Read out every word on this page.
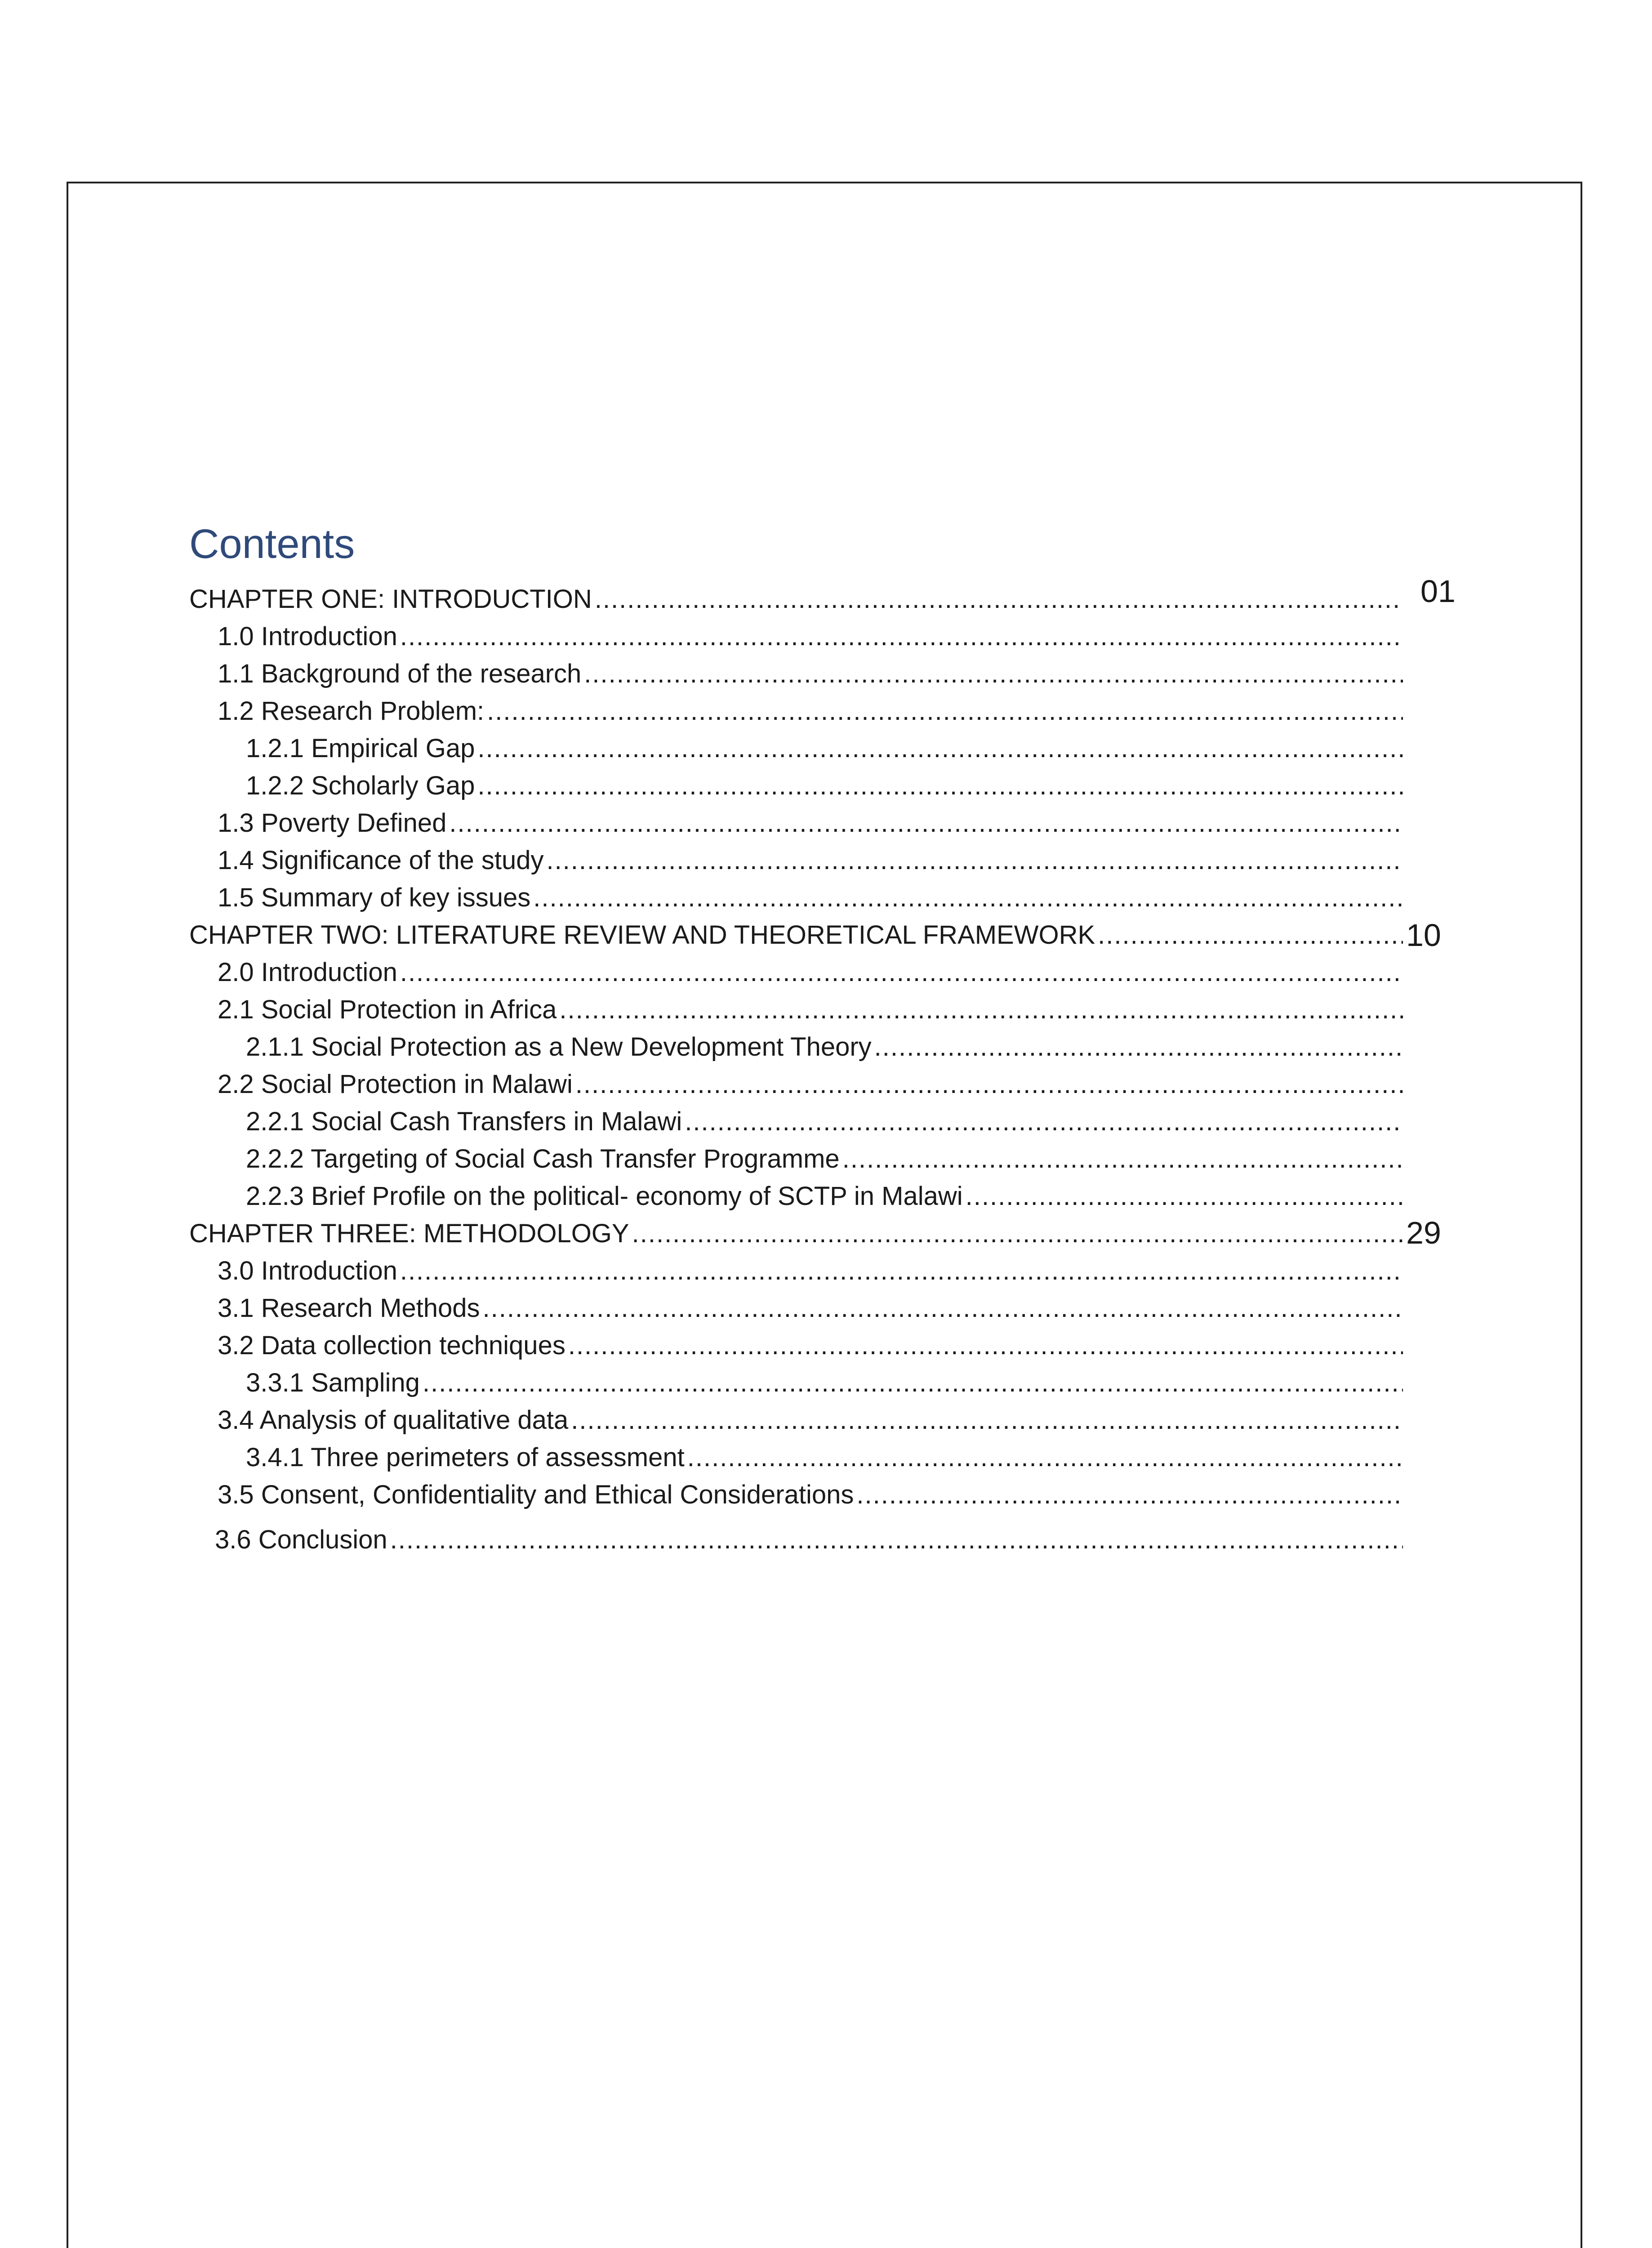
Contents
CHAPTER ONE: INTRODUCTION
.....
1.0 Introduction
.....
1.1 Background of the research
.....
1.2 Research Problem:
.....
1.2.1 Empirical Gap
.....
1.2.2 Scholarly Gap
.....
1.3 Poverty Defined
.....
1.4 Significance of the study
.....
1.5 Summary of key issues
.....
CHAPTER TWO: LITERATURE REVIEW AND THEORETICAL FRAMEWORK
.....
2.0 Introduction
.....
2.1 Social Protection in Africa
.....
2.1.1 Social Protection as a New Development Theory
.....
2.2 Social Protection in Malawi
.....
2.2.1 Social Cash Transfers in Malawi
.....
2.2.2 Targeting of Social Cash Transfer Programme
.....
2.2.3 Brief Profile on the political- economy of SCTP in Malawi
.....
CHAPTER THREE: METHODOLOGY
.....
3.0 Introduction
.....
3.1 Research Methods
.....
3.2 Data collection techniques
.....
3.3.1 Sampling
.....
3.4 Analysis of qualitative data
.....
3.4.1 Three perimeters of assessment
.....
3.5 Consent, Confidentiality and Ethical Considerations
.....
3.6 Conclusion
.....
01
10
29
